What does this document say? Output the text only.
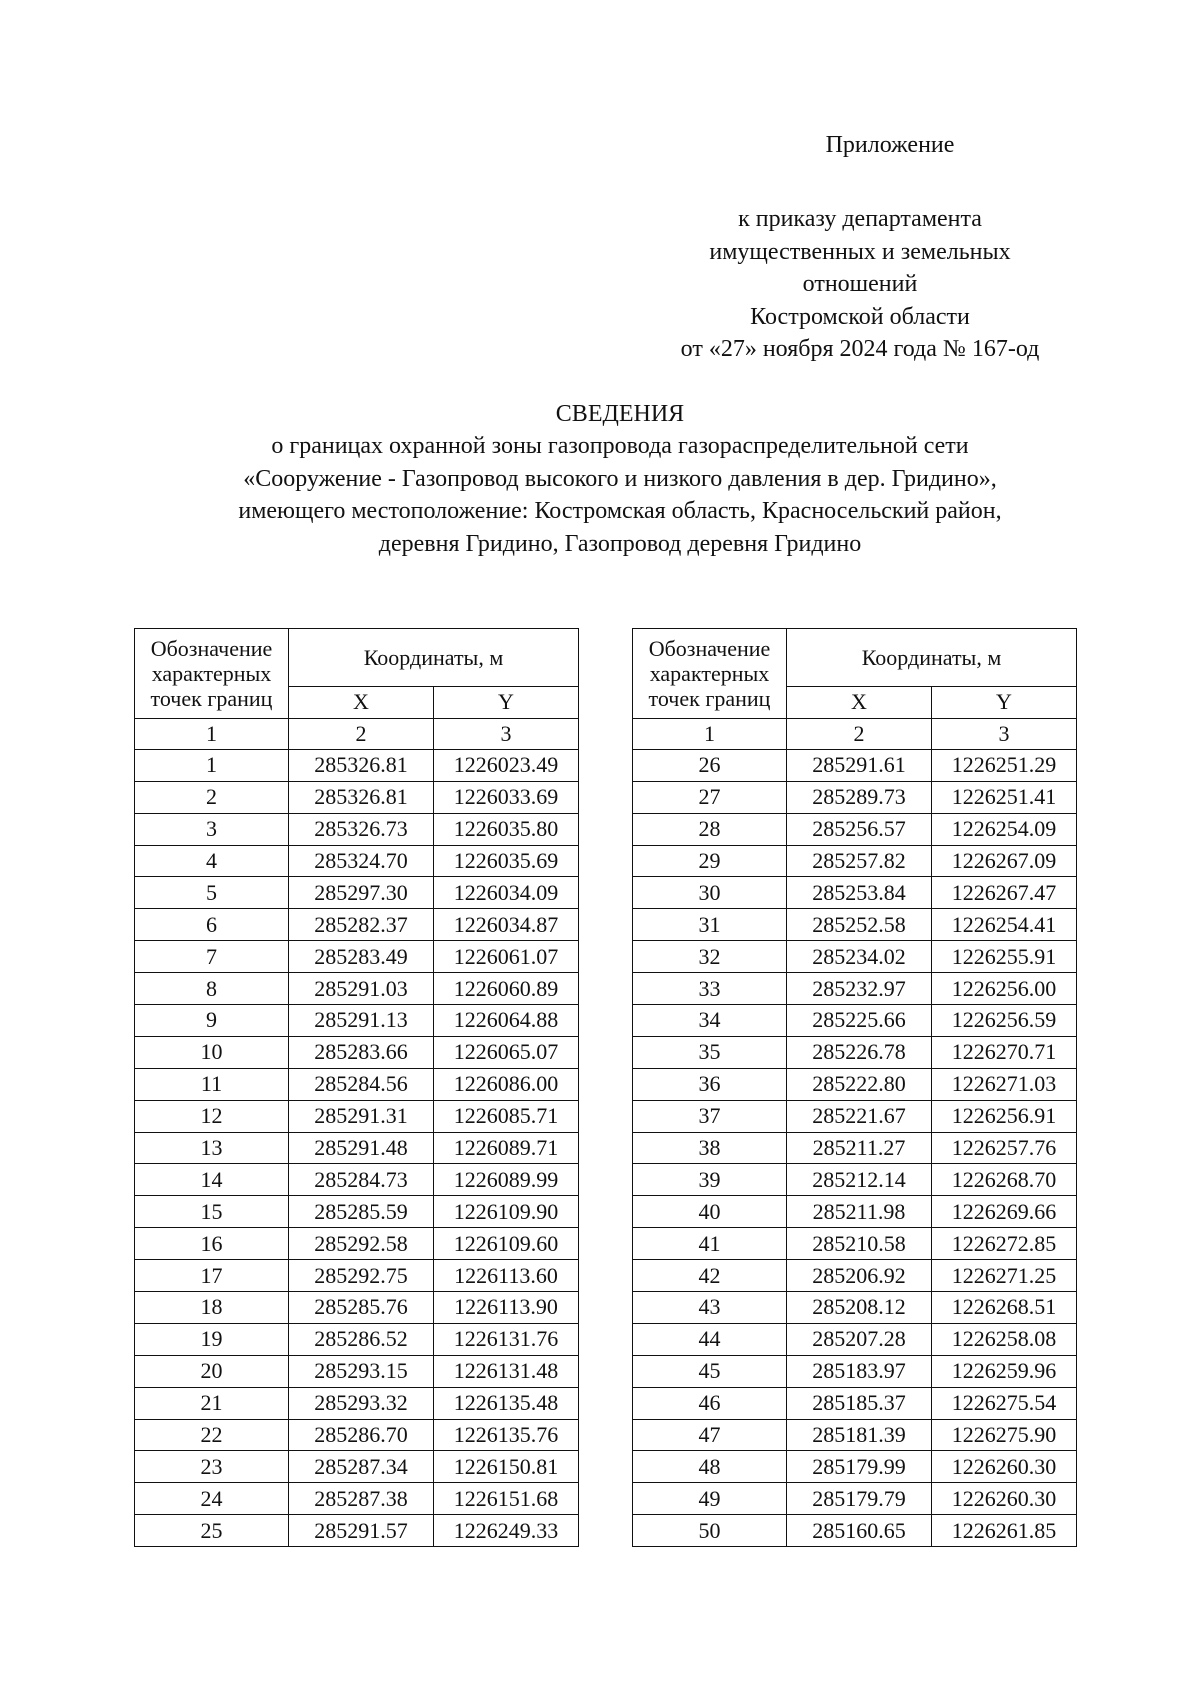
Приложение
к приказу департамента
имущественных и земельных
отношений
Костромской области
от «27» ноября 2024 года № 167-од
СВЕДЕНИЯ
о границах охранной зоны газопровода газораспределительной сети
«Сооружение - Газопровод высокого и низкого давления в дер. Гридино»,
имеющего местоположение: Костромская область, Красносельский район,
деревня Гридино, Газопровод деревня Гридино
Обозначение
характерных
точек границ	Координаты, м	
	X	Y
1	2	3
1	285326.81	1226023.49
2	285326.81	1226033.69
3	285326.73	1226035.80
4	285324.70	1226035.69
5	285297.30	1226034.09
6	285282.37	1226034.87
7	285283.49	1226061.07
8	285291.03	1226060.89
9	285291.13	1226064.88
10	285283.66	1226065.07
11	285284.56	1226086.00
12	285291.31	1226085.71
13	285291.48	1226089.71
14	285284.73	1226089.99
15	285285.59	1226109.90
16	285292.58	1226109.60
17	285292.75	1226113.60
18	285285.76	1226113.90
19	285286.52	1226131.76
20	285293.15	1226131.48
21	285293.32	1226135.48
22	285286.70	1226135.76
23	285287.34	1226150.81
24	285287.38	1226151.68
25	285291.57	1226249.33
Обозначение
характерных
точек границ	Координаты, м	
	X	Y
1	2	3
26	285291.61	1226251.29
27	285289.73	1226251.41
28	285256.57	1226254.09
29	285257.82	1226267.09
30	285253.84	1226267.47
31	285252.58	1226254.41
32	285234.02	1226255.91
33	285232.97	1226256.00
34	285225.66	1226256.59
35	285226.78	1226270.71
36	285222.80	1226271.03
37	285221.67	1226256.91
38	285211.27	1226257.76
39	285212.14	1226268.70
40	285211.98	1226269.66
41	285210.58	1226272.85
42	285206.92	1226271.25
43	285208.12	1226268.51
44	285207.28	1226258.08
45	285183.97	1226259.96
46	285185.37	1226275.54
47	285181.39	1226275.90
48	285179.99	1226260.30
49	285179.79	1226260.30
50	285160.65	1226261.85
